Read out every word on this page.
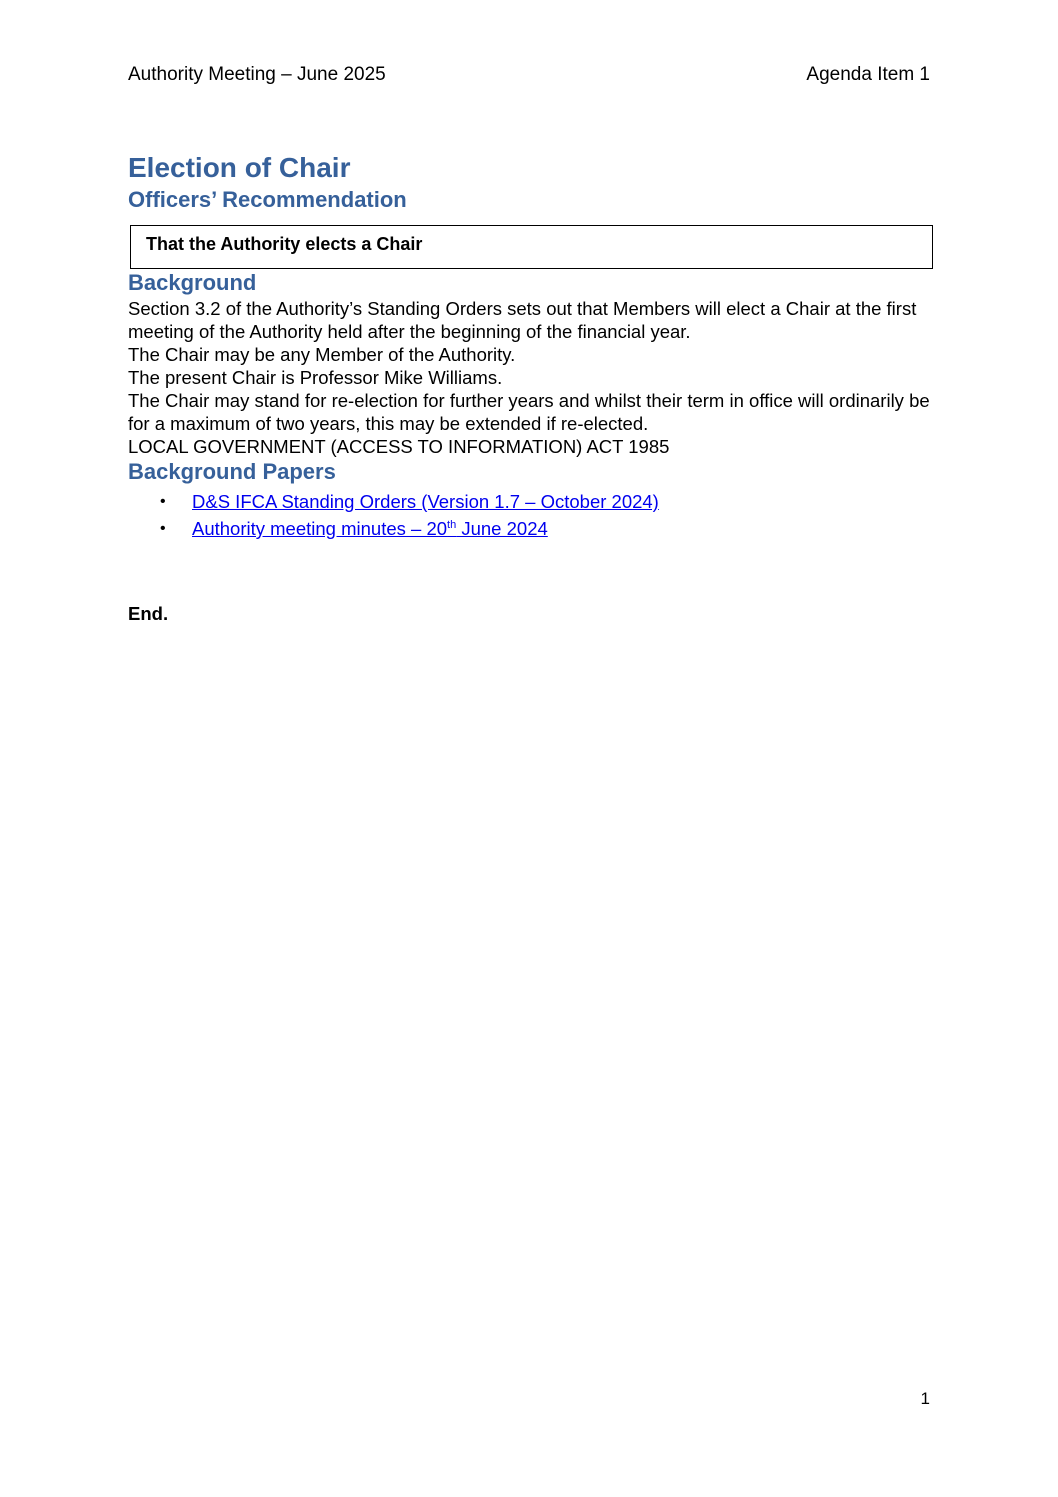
Authority Meeting – June 2025	Agenda Item 1
Election of Chair
Officers’ Recommendation
That the Authority elects a Chair
Background

Section 3.2 of the Authority’s Standing Orders sets out that Members will elect a Chair at the first meeting of the Authority held after the beginning of the financial year.

The Chair may be any Member of the Authority.

The present Chair is Professor Mike Williams.

The Chair may stand for re-election for further years and whilst their term in office will ordinarily be for a maximum of two years, this may be extended if re-elected.

LOCAL GOVERNMENT (ACCESS TO INFORMATION) ACT 1985

Background Papers
• D&S IFCA Standing Orders (Version 1.7 – October 2024)
• Authority meeting minutes – 20th June 2024
End.
1
